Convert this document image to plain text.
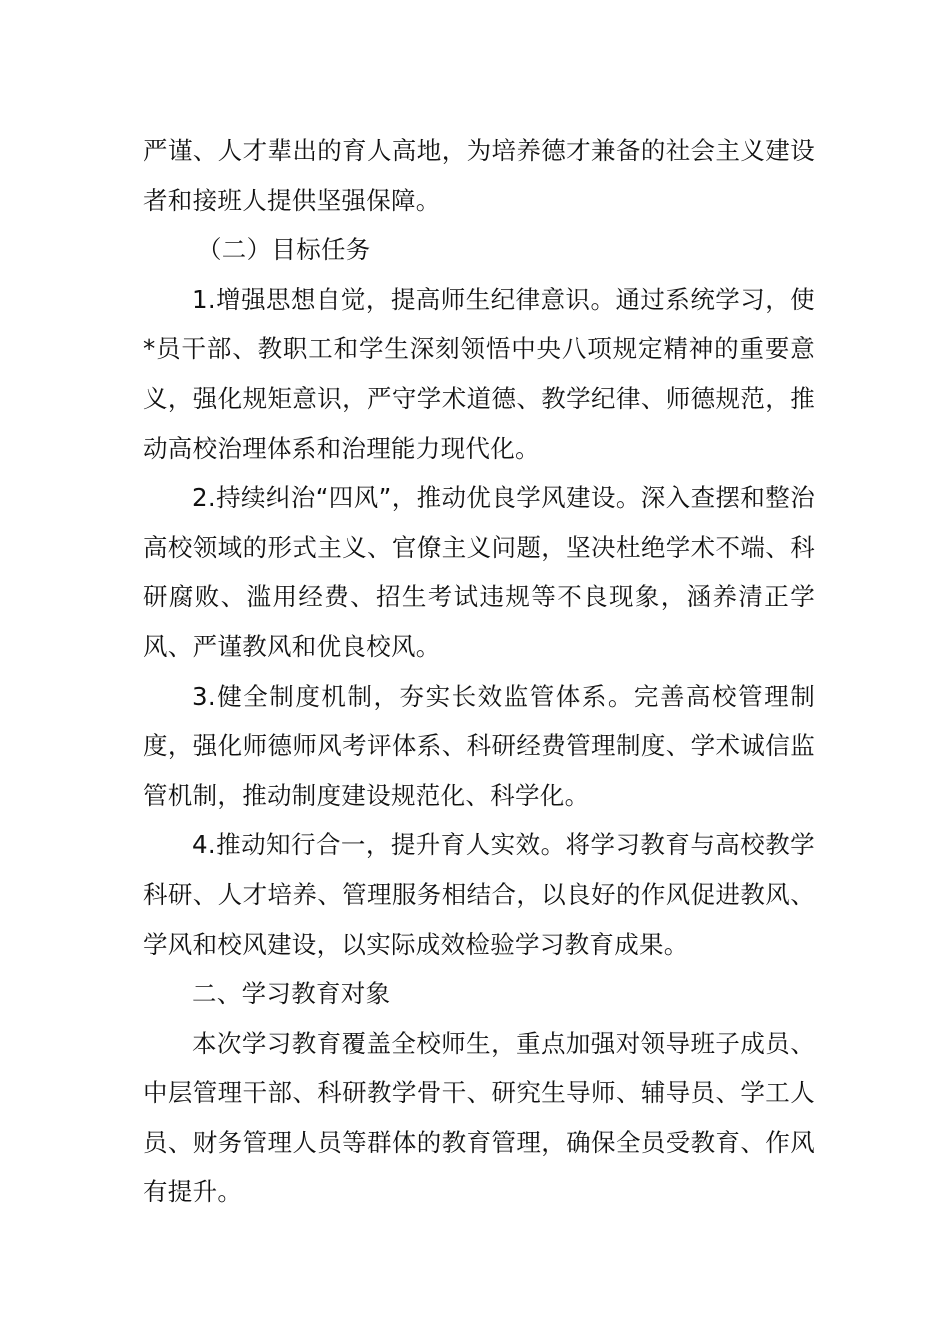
严谨、人才辈出的育人高地，为培养德才兼备的社会主义建设者和接班人提供坚强保障。

（二）目标任务

1.增强思想自觉，提高师生纪律意识。通过系统学习，使*员干部、教职工和学生深刻领悟中央八项规定精神的重要意义，强化规矩意识，严守学术道德、教学纪律、师德规范，推动高校治理体系和治理能力现代化。

2.持续纠治“四风”，推动优良学风建设。深入查摆和整治高校领域的形式主义、官僚主义问题，坚决杜绝学术不端、科研腐败、滥用经费、招生考试违规等不良现象，涵养清正学风、严谨教风和优良校风。

3.健全制度机制，夯实长效监管体系。完善高校管理制度，强化师德师风考评体系、科研经费管理制度、学术诚信监管机制，推动制度建设规范化、科学化。

4.推动知行合一，提升育人实效。将学习教育与高校教学科研、人才培养、管理服务相结合，以良好的作风促进教风、学风和校风建设，以实际成效检验学习教育成果。

二、学习教育对象

本次学习教育覆盖全校师生，重点加强对领导班子成员、中层管理干部、科研教学骨干、研究生导师、辅导员、学工人员、财务管理人员等群体的教育管理，确保全员受教育、作风有提升。
